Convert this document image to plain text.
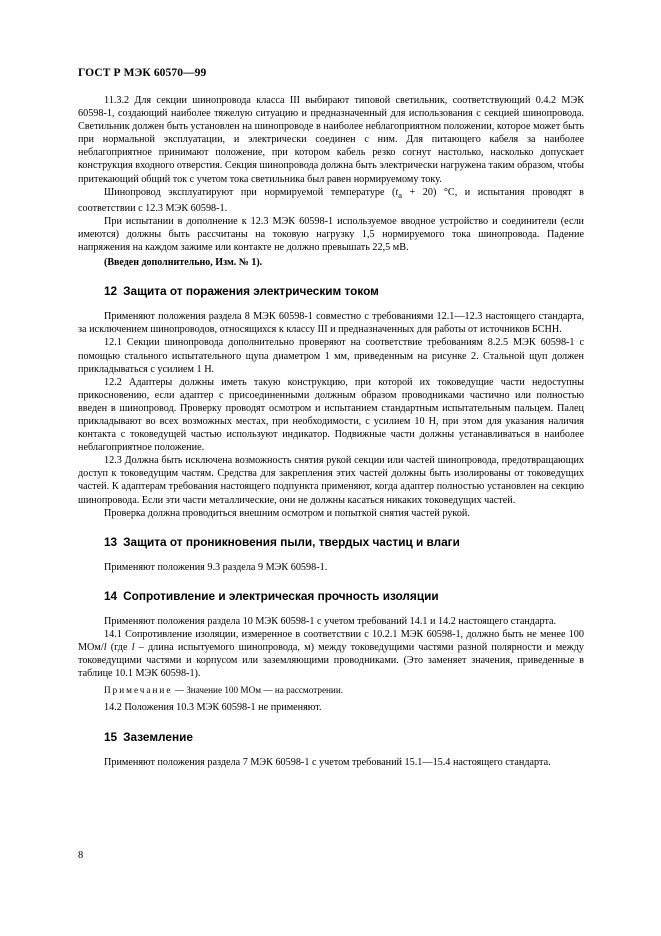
ГОСТ Р МЭК 60570—99

11.3.2 Для секции шинопровода класса III выбирают типовой светильник, соответствующий 0.4.2 МЭК 60598-1, создающий наиболее тяжелую ситуацию и предназначенный для использования с секцией шинопровода. Светильник должен быть установлен на шинопроводе в наиболее неблагоприятном положении, которое может быть при нормальной эксплуатации, и электрически соединен с ним. Для питающего кабеля за наиболее неблагоприятное принимают положение, при котором кабель резко согнут настолько, насколько допускает конструкция входного отверстия. Секция шинопровода должна быть электрически нагружена таким образом, чтобы притекающий общий ток с учетом тока светильника был равен нормируемому току.

Шинопровод эксплуатируют при нормируемой температуре $(t_a + 20)$ °С, и испытания проводят в соответствии с 12.3 МЭК 60598-1.

При испытании в дополнение к 12.3 МЭК 60598-1 используемое вводное устройство и соединители (если имеются) должны быть рассчитаны на токовую нагрузку 1,5 нормируемого тока шинопровода. Падение напряжения на каждом зажиме или контакте не должно превышать 22,5 мВ.

(Введен дополнительно, Изм. № 1).

12 Защита от поражения электрическим током

Применяют положения раздела 8 МЭК 60598-1 совместно с требованиями 12.1—12.3 настоящего стандарта, за исключением шинопроводов, относящихся к классу III и предназначенных для работы от источников БСНН.

12.1 Секции шинопровода дополнительно проверяют на соответствие требованиям 8.2.5 МЭК 60598-1 с помощью стального испытательного щупа диаметром 1 мм, приведенным на рисунке 2. Стальной щуп должен прикладываться с усилием 1 Н.

12.2 Адаптеры должны иметь такую конструкцию, при которой их токоведущие части недоступны прикосновению, если адаптер с присоединенными должным образом проводниками частично или полностью введен в шинопровод. Проверку проводят осмотром и испытанием стандартным испытательным пальцем. Палец прикладывают во всех возможных местах, при необходимости, с усилием 10 Н, при этом для указания наличия контакта с токоведущей частью используют индикатор. Подвижные части должны устанавливаться в наиболее неблагоприятное положение.

12.3 Должна быть исключена возможность снятия рукой секции или частей шинопровода, предотвращающих доступ к токоведущим частям. Средства для закрепления этих частей должны быть изолированы от токоведущих частей. К адаптерам требования настоящего подпункта применяют, когда адаптер полностью установлен на секцию шинопровода. Если эти части металлические, они не должны касаться никаких токоведущих частей.

Проверка должна проводиться внешним осмотром и попыткой снятия частей рукой.

13 Защита от проникновения пыли, твердых частиц и влаги

Применяют положения 9.3 раздела 9 МЭК 60598-1.

14 Сопротивление и электрическая прочность изоляции

Применяют положения раздела 10 МЭК 60598-1 с учетом требований 14.1 и 14.2 настоящего стандарта.

14.1 Сопротивление изоляции, измеренное в соответствии с 10.2.1 МЭК 60598-1, должно быть не менее 100 МОм/l (где l – длина испытуемого шинопровода, м) между токоведущими частями разной полярности и между токоведущими частями и корпусом или заземляющими проводниками. (Это заменяет значения, приведенные в таблице 10.1 МЭК 60598-1).

Примечание — Значение 100 МОм — на рассмотрении.

14.2 Положения 10.3 МЭК 60598-1 не применяют.

15 Заземление

Применяют положения раздела 7 МЭК 60598-1 с учетом требований 15.1—15.4 настоящего стандарта.

8
